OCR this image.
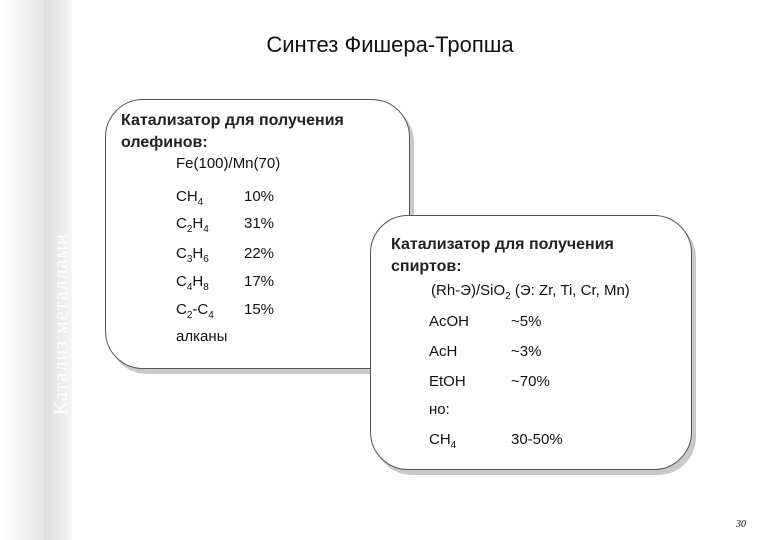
Катализ металлами
Синтез Фишера-Тропша
Катализатор для получения олефинов:
Fe(100)/Mn(70)
$CH_4$	10%
$C_2H_4$ 31%
$C_3H_6$ 22%
$C_4H_8$ 17%
$C_2-C_4$ 15%
алканы
Катализатор для получения спиртов:
(Rh-Э)/SiO$_2$ (Э: Zr, Ti, Cr, Mn)
AcOH	~5%
AcH	~3%
EtOH	~70%
но:
$CH_4$	30-50%
30
